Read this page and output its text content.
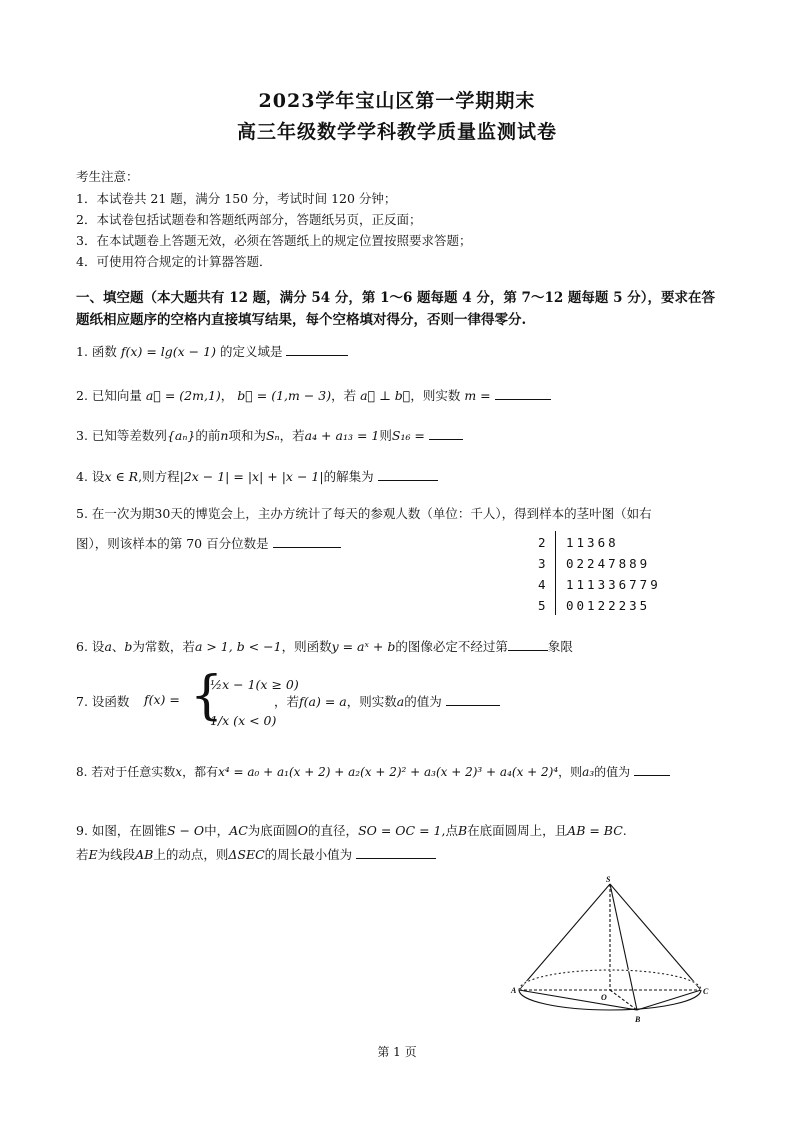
2023学年宝山区第一学期期末
高三年级数学学科教学质量监测试卷
考生注意：
1．本试卷共 21 题，满分 150 分，考试时间 120 分钟；
2．本试卷包括试题卷和答题纸两部分，答题纸另页，正反面；
3．在本试题卷上答题无效，必须在答题纸上的规定位置按照要求答题；
4．可使用符合规定的计算器答题．
一、填空题（本大题共有 12 题，满分 54 分，第 1～6 题每题 4 分，第 7～12 题每题 5 分），要求在答
题纸相应题序的空格内直接填写结果，每个空格填对得分，否则一律得零分.
1. 函数 f(x) = lg(x − 1) 的定义域是
2. 已知向量 a⃗ = (2m,1)， b⃗ = (1,m − 3)，若 a⃗ ⊥ b⃗，则实数 m =
3. 已知等差数列{aₙ}的前n项和为Sₙ，若a₄ + a₁₃ = 1则S₁₆ =
4. 设x ∈ R,则方程|2x − 1| = |x| + |x − 1|的解集为
5. 在一次为期30天的博览会上，主办方统计了每天的参观人数（单位：千人），得到样本的茎叶图（如右
图），则该样本的第 70 百分位数是	2 11368
3 02247889
4 111336779
5 00122235
6. 设a、b为常数，若a > 1, b < −1，则函数y = aˣ + b的图像必定不经过第	象限
7. 设函数 f(x) = {
½x − 1(x ≥ 0)
1/x (x < 0)
，若f(a) = a，则实数a的值为
8. 若对于任意实数x，都有x⁴ = a₀ + a₁(x + 2) + a₂(x + 2)² + a₃(x + 2)³ + a₄(x + 2)⁴，则a₃的值为
9. 如图，在圆锥S − O中，AC为底面圆O的直径，SO = OC = 1,点B在底面圆周上，且AB = BC.
若E为线段AB上的动点，则ΔSEC的周长最小值为
S
A	C
B
O
第 1 页
